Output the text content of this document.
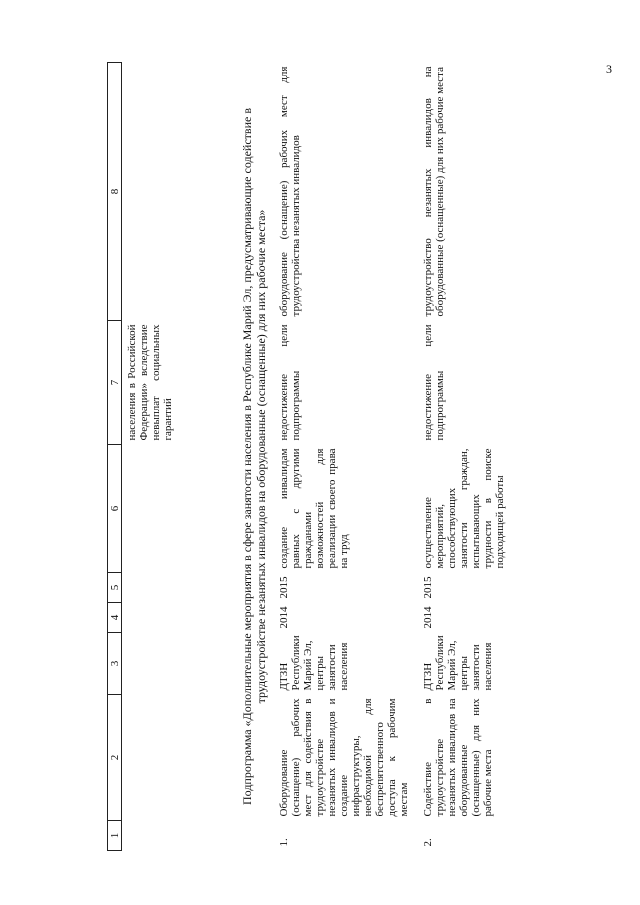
3
1	2	3	4	5	6	7	8
						населения в Российской Федерации» вследствие невыплат социальных гарантий	
Подпрограмма «Дополнительные мероприятия в сфере занятости населения в Республике Марий Эл, предусматривающие содействие в трудоустройстве незанятых инвалидов на оборудованные (оснащенные) для них рабочие места»							
1.	Оборудование (оснащение) рабочих мест для содействия в трудоустройстве незанятых инвалидов и создание инфраструктуры, необходимой для беспрепятственного доступа к рабочим местам	ДТЗН Республики Марий Эл, центры занятости населения	2014	2015	создание инвалидам равных с другими гражданами возможностей для реализации своего права на труд	недостижение цели подпрограммы	оборудование (оснащение) рабочих мест для трудоустройства незанятых инвалидов
2.	Содействие в трудоустройстве незанятых инвалидов на оборудованные (оснащенные) для них рабочие места	ДТЗН Республики Марий Эл, центры занятости населения	2014	2015	осуществление мероприятий, способствующих занятости граждан, испытывающих трудности в поиске подходящей работы	недостижение цели подпрограммы	трудоустройство незанятых инвалидов на оборудованные (оснащенные) для них рабочие места
